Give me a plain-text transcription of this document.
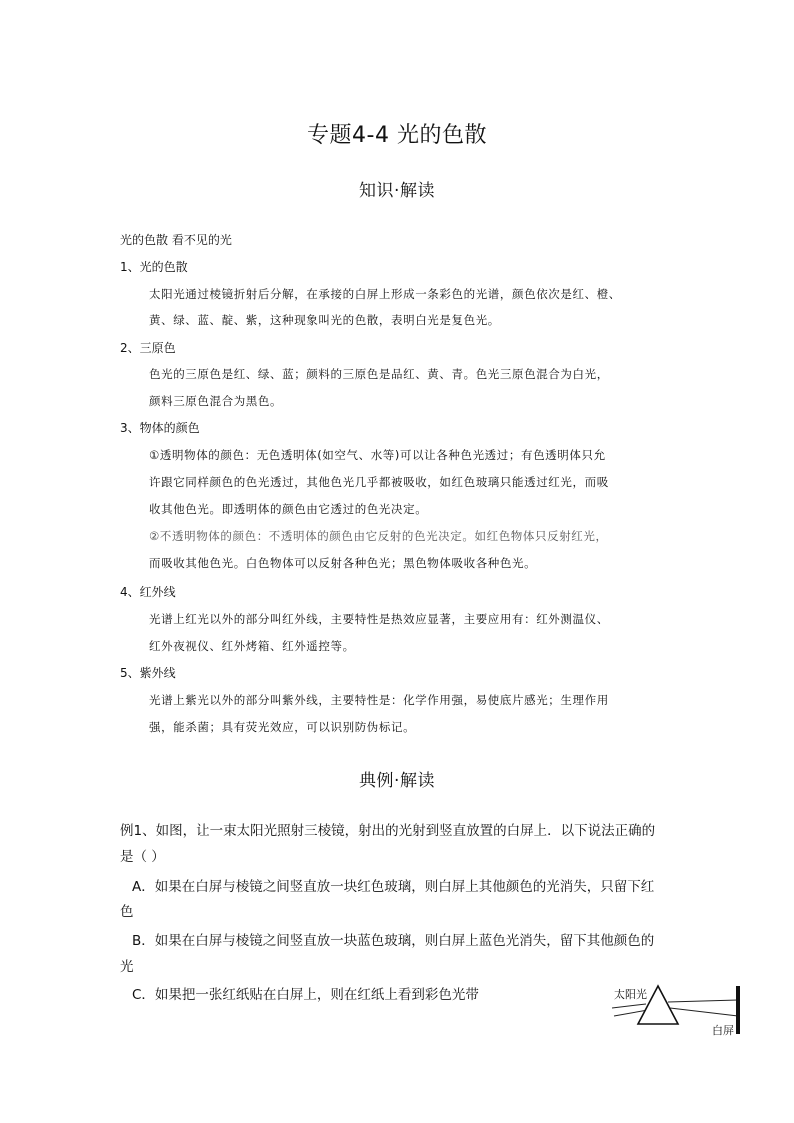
专题4-4 光的色散
知识·解读
光的色散 看不见的光
1、光的色散
太阳光通过棱镜折射后分解，在承接的白屏上形成一条彩色的光谱，颜色依次是红、橙、
黄、绿、蓝、靛、紫，这种现象叫光的色散，表明白光是复色光。
2、三原色
色光的三原色是红、绿、蓝；颜料的三原色是品红、黄、青。色光三原色混合为白光，
颜料三原色混合为黑色。
3、物体的颜色
①透明物体的颜色：无色透明体(如空气、水等)可以让各种色光透过；有色透明体只允
许跟它同样颜色的色光透过，其他色光几乎都被吸收，如红色玻璃只能透过红光，而吸
收其他色光。即透明体的颜色由它透过的色光决定。
②不透明物体的颜色：不透明体的颜色由它反射的色光决定。如红色物体只反射红光，
而吸收其他色光。白色物体可以反射各种色光；黑色物体吸收各种色光。
4、红外线
光谱上红光以外的部分叫红外线，主要特性是热效应显著，主要应用有：红外测温仪、
红外夜视仪、红外烤箱、红外遥控等。
5、紫外线
光谱上紫光以外的部分叫紫外线，主要特性是：化学作用强，易使底片感光；生理作用
强，能杀菌；具有荧光效应，可以识别防伪标记。
典例·解读
例1、如图，让一束太阳光照射三棱镜，射出的光射到竖直放置的白屏上．以下说法正确的
是（ ）
A．如果在白屏与棱镜之间竖直放一块红色玻璃，则白屏上其他颜色的光消失，只留下红
色
B．如果在白屏与棱镜之间竖直放一块蓝色玻璃，则白屏上蓝色光消失，留下其他颜色的
光
C．如果把一张红纸贴在白屏上，则在红纸上看到彩色光带	太阳光
白屏
